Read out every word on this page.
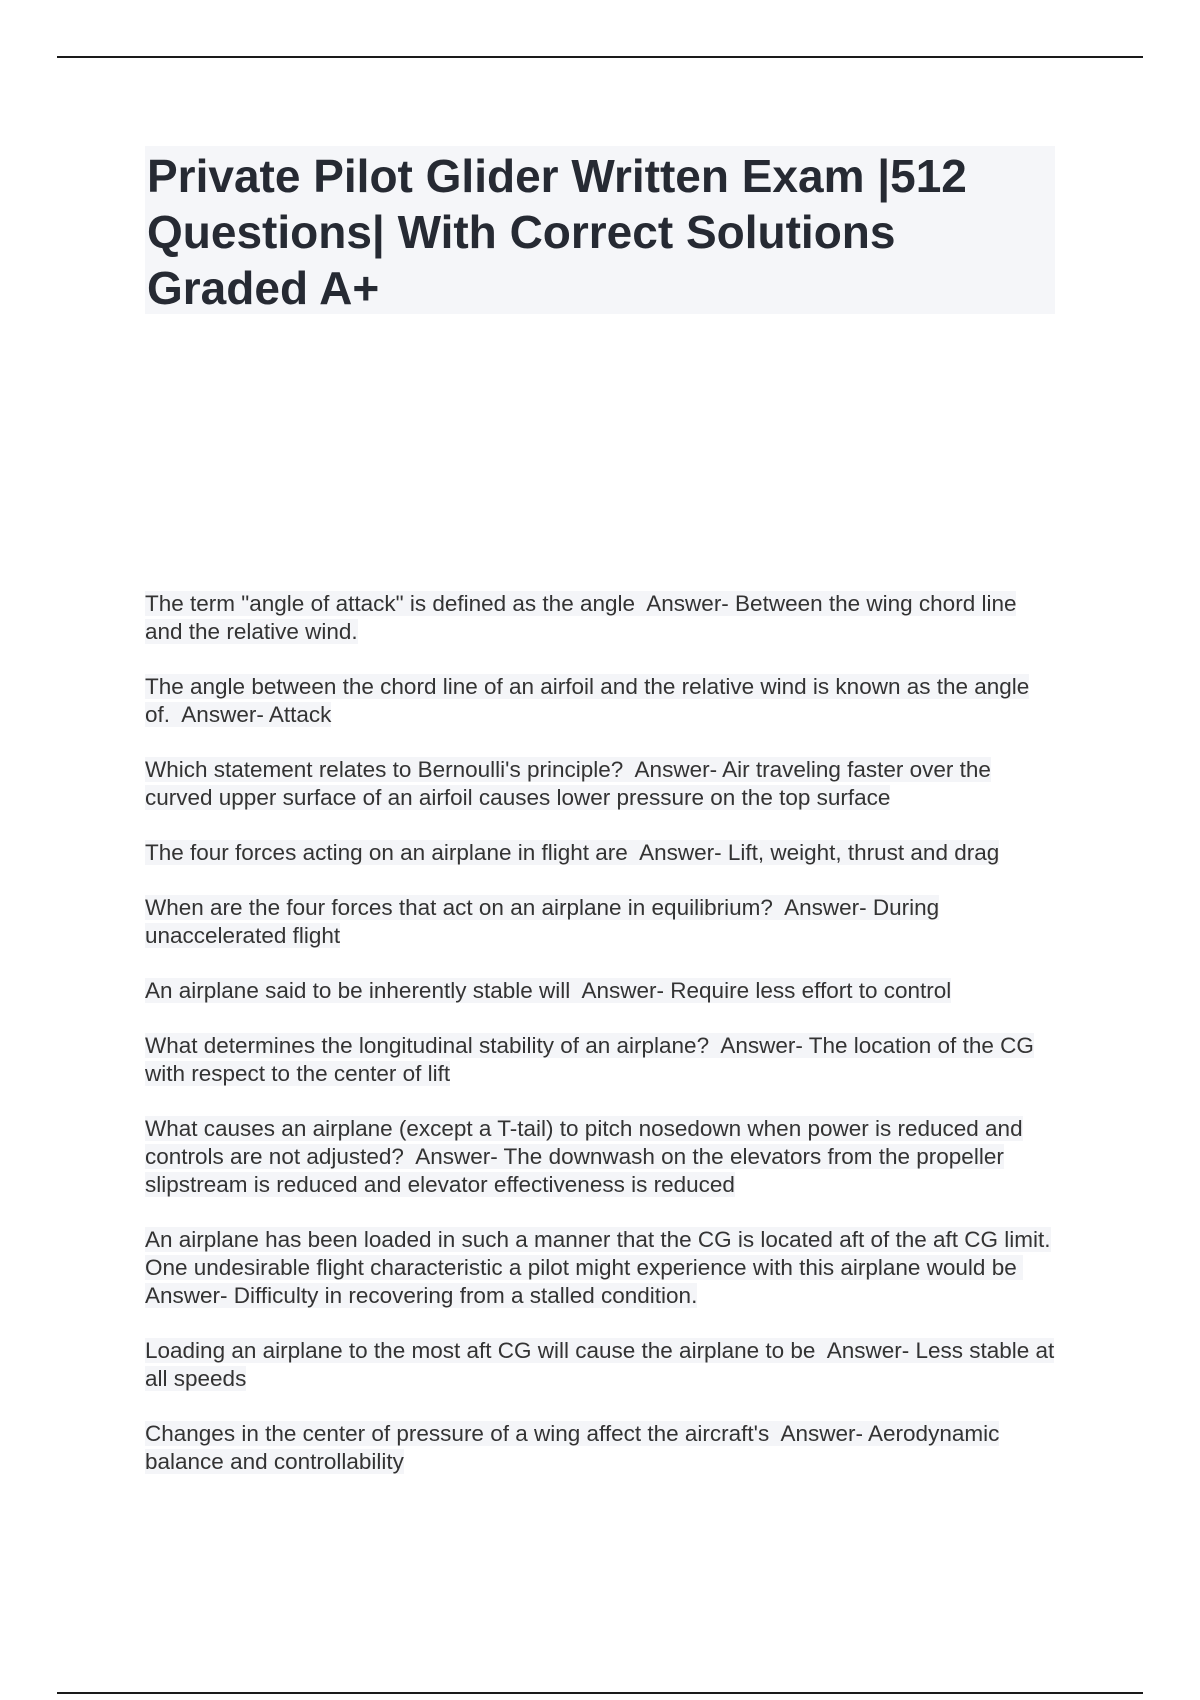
Private Pilot Glider Written Exam |512 Questions| With Correct Solutions Graded A+

The term "angle of attack" is defined as the angle Answer- Between the wing chord line and the relative wind.

The angle between the chord line of an airfoil and the relative wind is known as the angle of. Answer- Attack

Which statement relates to Bernoulli's principle? Answer- Air traveling faster over the curved upper surface of an airfoil causes lower pressure on the top surface

The four forces acting on an airplane in flight are Answer- Lift, weight, thrust and drag

When are the four forces that act on an airplane in equilibrium? Answer- During unaccelerated flight

An airplane said to be inherently stable will Answer- Require less effort to control

What determines the longitudinal stability of an airplane? Answer- The location of the CG with respect to the center of lift

What causes an airplane (except a T-tail) to pitch nosedown when power is reduced and controls are not adjusted? Answer- The downwash on the elevators from the propeller slipstream is reduced and elevator effectiveness is reduced

An airplane has been loaded in such a manner that the CG is located aft of the aft CG limit. One undesirable flight characteristic a pilot might experience with this airplane would be  Answer- Difficulty in recovering from a stalled condition.

Loading an airplane to the most aft CG will cause the airplane to be Answer- Less stable at all speeds

Changes in the center of pressure of a wing affect the aircraft's Answer- Aerodynamic balance and controllability
